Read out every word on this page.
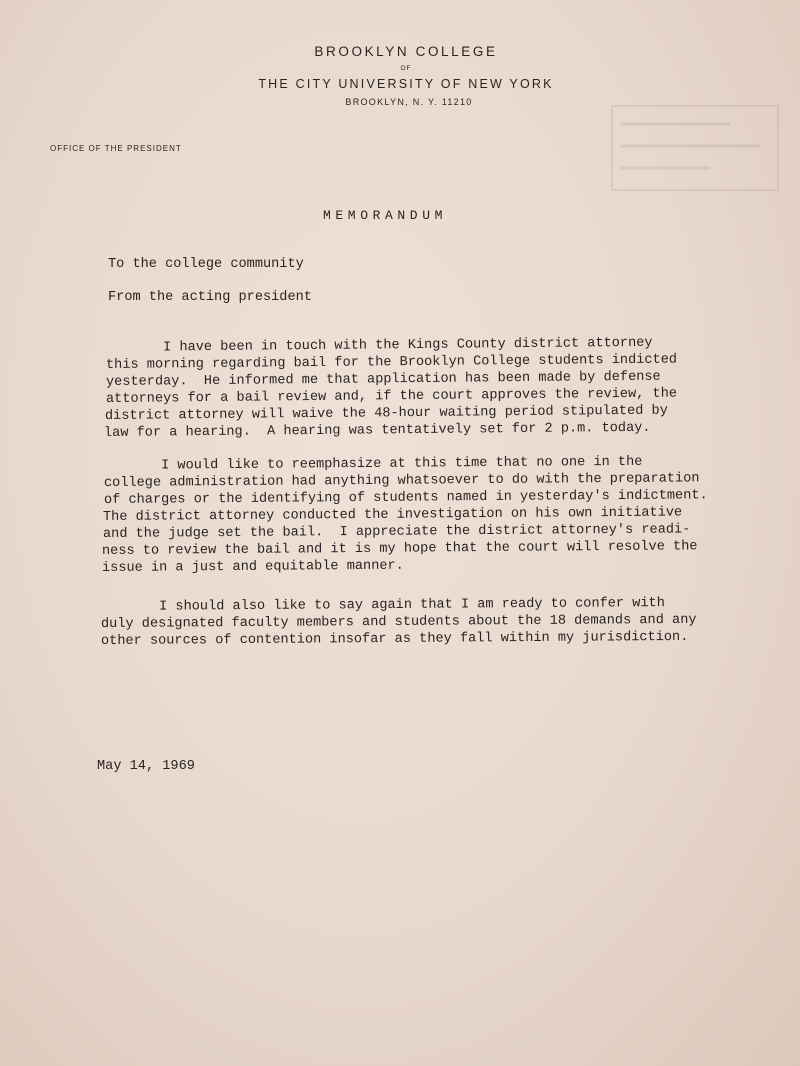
BROOKLYN COLLEGE
OF
THE CITY UNIVERSITY OF NEW YORK
BROOKLYN, N. Y. 11210
OFFICE OF THE PRESIDENT
MEMORANDUM
To the college community
From the acting president
I have been in touch with the Kings County district attorney
this morning regarding bail for the Brooklyn College students indicted
yesterday.  He informed me that application has been made by defense
attorneys for a bail review and, if the court approves the review, the
district attorney will waive the 48-hour waiting period stipulated by
law for a hearing.  A hearing was tentatively set for 2 p.m. today.
I would like to reemphasize at this time that no one in the
college administration had anything whatsoever to do with the preparation
of charges or the identifying of students named in yesterday's indictment.
The district attorney conducted the investigation on his own initiative
and the judge set the bail.  I appreciate the district attorney's readi-
ness to review the bail and it is my hope that the court will resolve the
issue in a just and equitable manner.
I should also like to say again that I am ready to confer with
duly designated faculty members and students about the 18 demands and any
other sources of contention insofar as they fall within my jurisdiction.
May 14, 1969
